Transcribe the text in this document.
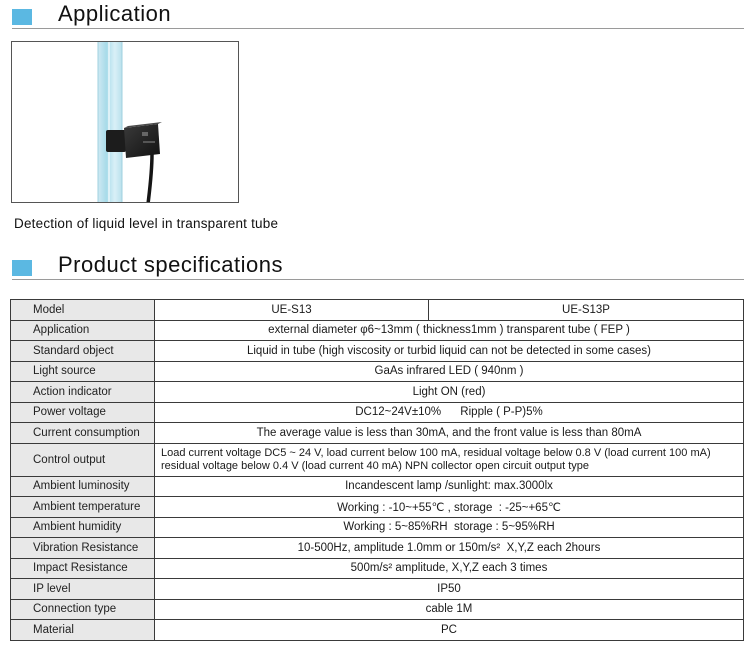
Application
Detection of liquid level in transparent tube
Product specifications
Model	UE-S13	UE-S13P
Application	external diameter φ6~13mm ( thickness1mm ) transparent tube ( FEP )	
Standard object	Liquid in tube (high viscosity or turbid liquid can not be detected in some cases)	
Light source	GaAs infrared LED ( 940nm )	
Action indicator	Light ON (red)	
Power voltage	DC12~24V±10%      Ripple ( P-P)5%	
Current consumption	The average value is less than 30mA, and the front value is less than 80mA	
Control output	Load current voltage DC5 ~ 24 V, load current below 100 mA, residual voltage below 0.8 V (load current 100 mA)
residual voltage below 0.4 V (load current 40 mA) NPN collector open circuit output type	

Ambient luminosity	Incandescent lamp /sunlight: max.3000lx	
Ambient temperature	Working : -10~+55℃ , storage  : -25~+65℃	
Ambient humidity	Working : 5~85%RH  storage : 5~95%RH	
Vibration Resistance	10-500Hz, amplitude 1.0mm or 150m/s²  X,Y,Z each 2hours	
Impact Resistance	500m/s² amplitude, X,Y,Z each 3 times	
IP level	IP50	
Connection type	cable 1M	
Material	PC	
